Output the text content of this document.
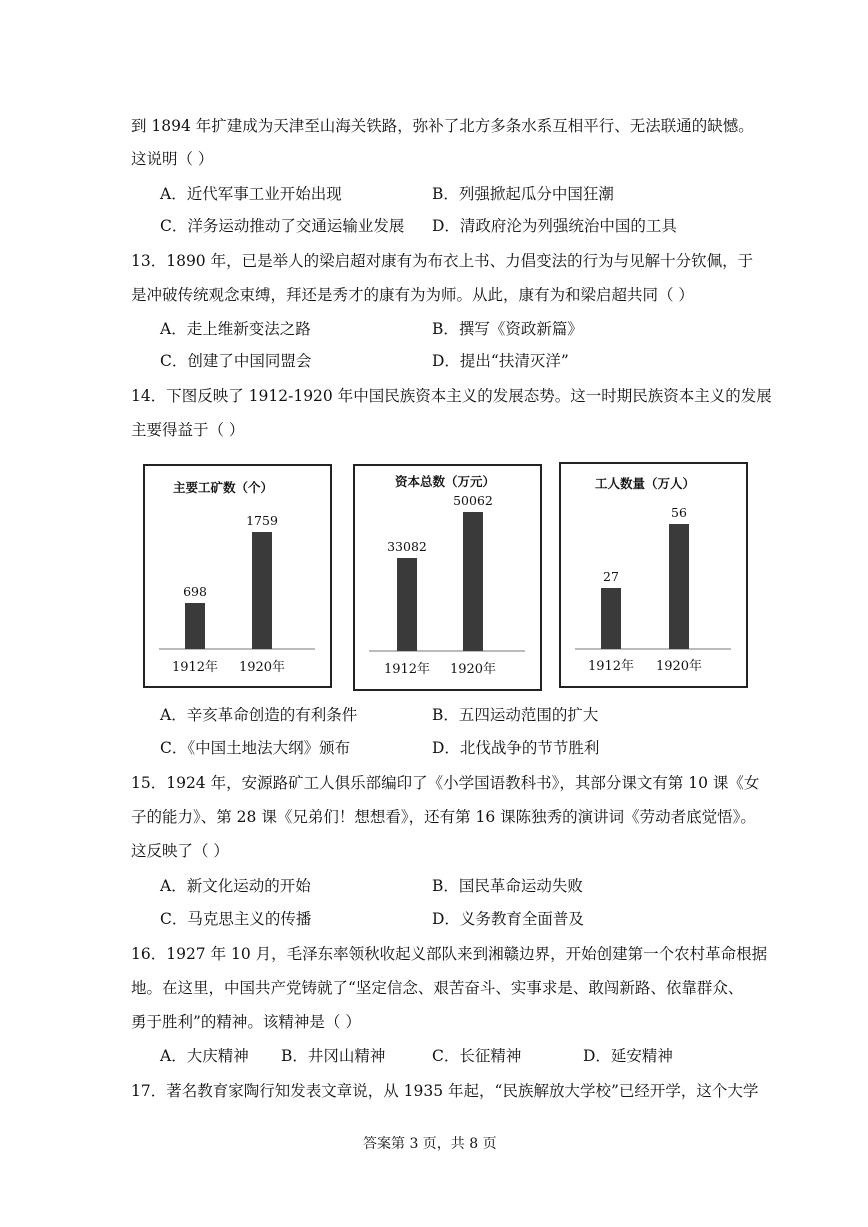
到 1894 年扩建成为天津至山海关铁路，弥补了北方多条水系互相平行、无法联通的缺憾。
这说明（ ）
A．近代军事工业开始出现	B．列强掀起瓜分中国狂潮
C．洋务运动推动了交通运输业发展 D．清政府沦为列强统治中国的工具
13．1890 年，已是举人的梁启超对康有为布衣上书、力倡变法的行为与见解十分钦佩，于
是冲破传统观念束缚，拜还是秀才的康有为为师。从此，康有为和梁启超共同（ ）
A．走上维新变法之路	B．撰写《资政新篇》
C．创建了中国同盟会	D．提出“扶清灭洋”
14．下图反映了 1912-1920 年中国民族资本主义的发展态势。这一时期民族资本主义的发展
主要得益于（ ）
A．辛亥革命创造的有利条件	B．五四运动范围的扩大
C．《中国土地法大纲》颁布	D．北伐战争的节节胜利
15．1924 年，安源路矿工人俱乐部编印了《小学国语教科书》，其部分课文有第 10 课《女
子的能力》、第 28 课《兄弟们！想想看》，还有第 16 课陈独秀的演讲词《劳动者底觉悟》。
这反映了（ ）
A．新文化运动的开始	B．国民革命运动失败
C．马克思主义的传播	D．义务教育全面普及
16．1927 年 10 月，毛泽东率领秋收起义部队来到湘赣边界，开始创建第一个农村革命根据
地。在这里，中国共产党铸就了“坚定信念、艰苦奋斗、实事求是、敢闯新路、依靠群众、
勇于胜利”的精神。该精神是（ ）
A．大庆精神 B．井冈山精神	C．长征精神	D．延安精神
17．著名教育家陶行知发表文章说，从 1935 年起，“民族解放大学校”已经开学，这个大学
主要工矿数（个）
698
1912年
1759
1920年
资本总数（万元）
33082
1912年
50062
1920年
工人数量（万人）
27
1912年
56
1920年
答案第 3 页，共 8 页
